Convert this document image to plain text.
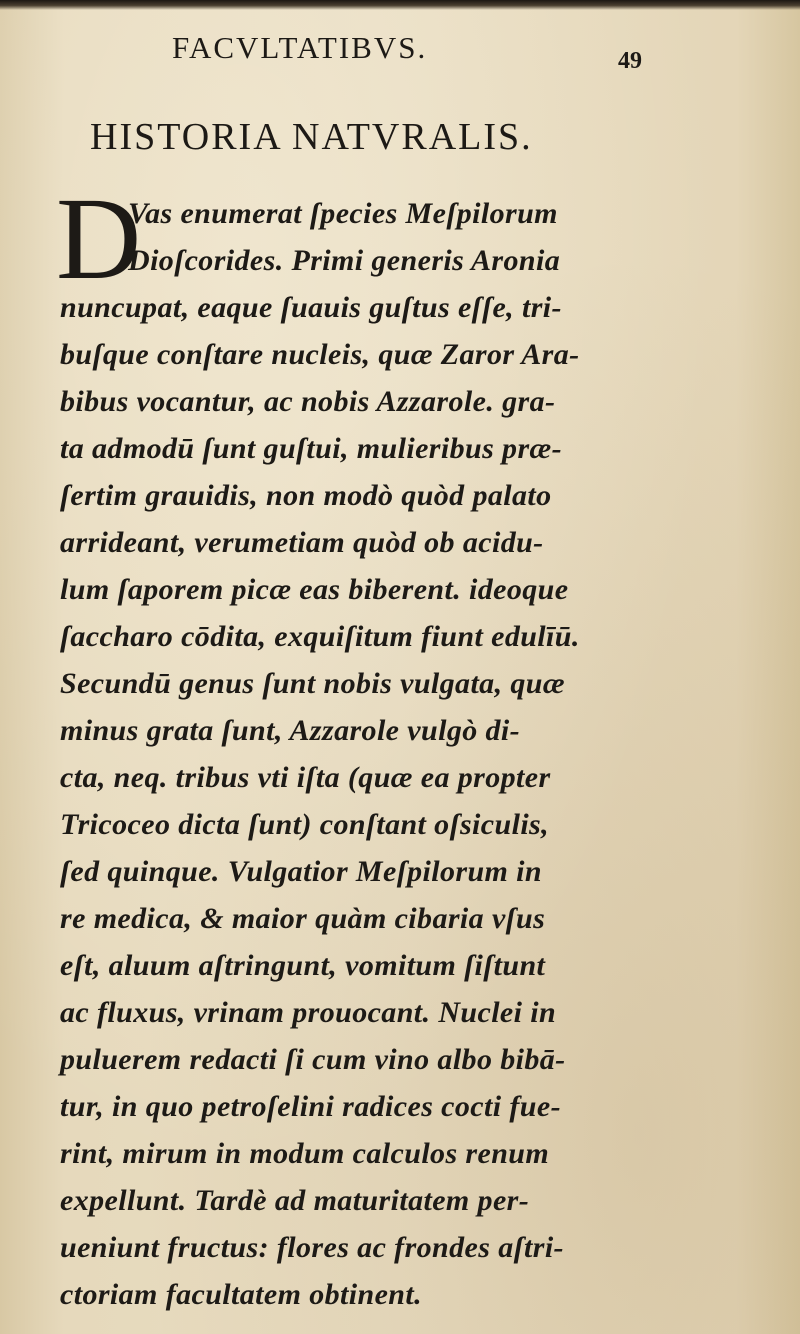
FACVLTATIBVS.	49
HISTORIA NATVRALIS.
D
Vas enumerat ſpecies Meſpilorum
Dioſcorides. Primi generis Aronia
nuncupat, eaque ſuauis guſtus eſſe, tri-
buſque conſtare nucleis, quæ Zaror Ara-
bibus vocantur, ac nobis Azzarole. gra-
ta admodū ſunt guſtui, mulieribus præ-
ſertim grauidis, non modò quòd palato
arrideant, verumetiam quòd ob acidu-
lum ſaporem picæ eas biberent. ideoque
ſaccharo cōdita, exquiſitum fiunt edulīū.
Secundū genus ſunt nobis vulgata, quæ
minus grata ſunt, Azzarole vulgò di-
cta, neq. tribus vti iſta (quæ ea propter
Tricoceo dicta ſunt) conſtant oſsiculis,
ſed quinque. Vulgatior Meſpilorum in
re medica, & maior quàm cibaria vſus
eſt, aluum aſtringunt, vomitum ſiſtunt
ac fluxus, vrinam prouocant. Nuclei in
puluerem redacti ſi cum vino albo bibā-
tur, in quo petroſelini radices cocti fue-
rint, mirum in modum calculos renum
expellunt. Tardè ad maturitatem per-
ueniunt fructus: flores ac frondes aſtri-
ctoriam facultatem obtinent.
